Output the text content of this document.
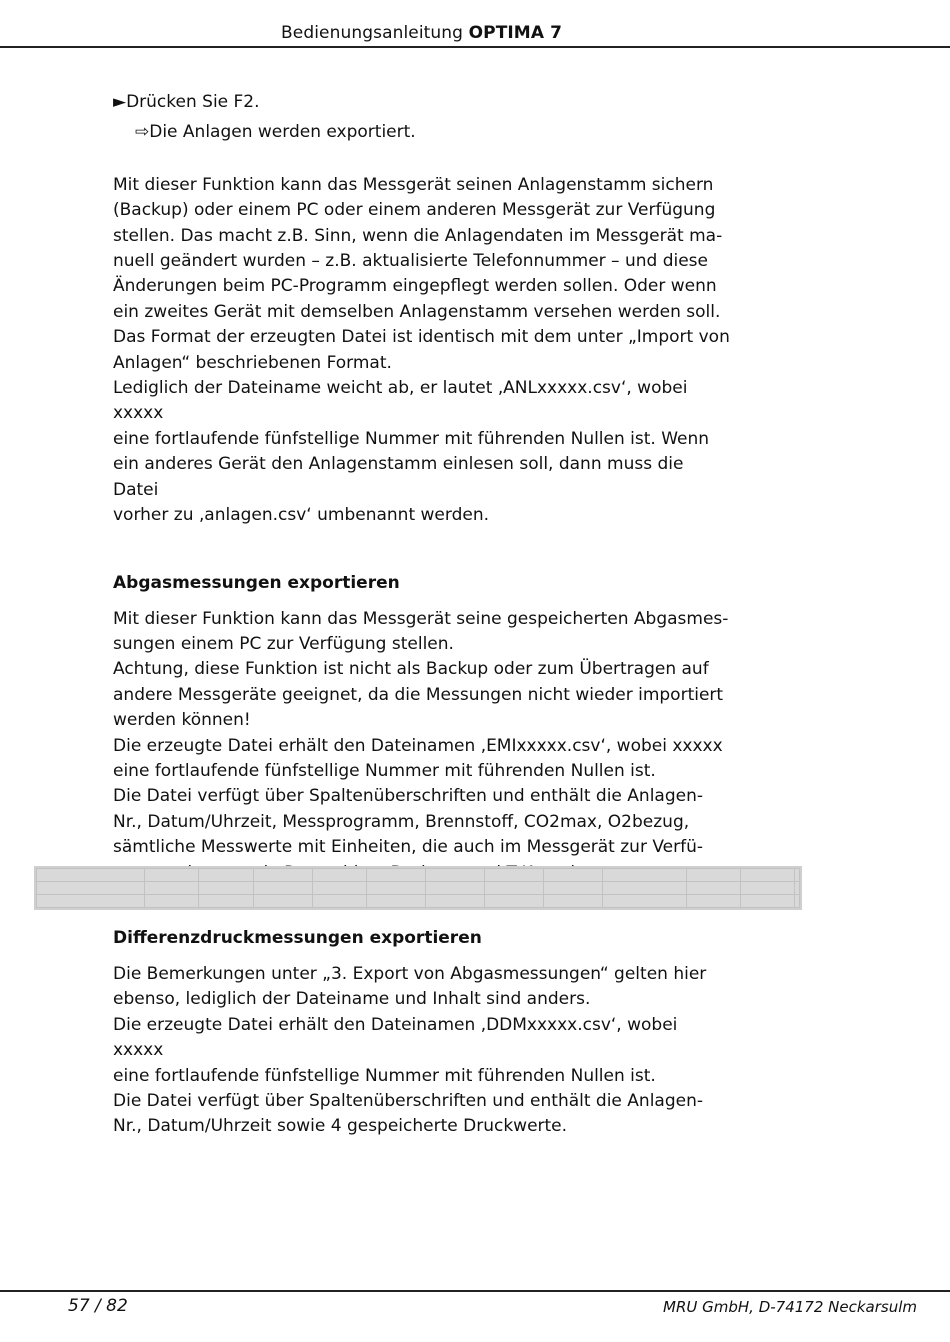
Bedienungsanleitung OPTIMA 7

►Drücken Sie F2.

⇨Die Anlagen werden exportiert.

Mit dieser Funktion kann das Messgerät seinen Anlagenstamm sichern
(Backup) oder einem PC oder einem anderen Messgerät zur Verfügung
stellen. Das macht z.B. Sinn, wenn die Anlagendaten im Messgerät ma-
nuell geändert wurden – z.B. aktualisierte Telefonnummer – und diese
Änderungen beim PC-Programm eingepflegt werden sollen. Oder wenn
ein zweites Gerät mit demselben Anlagenstamm versehen werden soll.
Das Format der erzeugten Datei ist identisch mit dem unter „Import von
Anlagen“ beschriebenen Format.
Lediglich der Dateiname weicht ab, er lautet ‚ANLxxxxx.csv‘, wobei xxxxx
eine fortlaufende fünfstellige Nummer mit führenden Nullen ist. Wenn
ein anderes Gerät den Anlagenstamm einlesen soll, dann muss die Datei
vorher zu ‚anlagen.csv‘ umbenannt werden.
Abgasmessungen exportieren
Mit dieser Funktion kann das Messgerät seine gespeicherten Abgasmes-
sungen einem PC zur Verfügung stellen.
Achtung, diese Funktion ist nicht als Backup oder zum Übertragen auf
andere Messgeräte geeignet, da die Messungen nicht wieder importiert
werden können!
Die erzeugte Datei erhält den Dateinamen ‚EMIxxxxx.csv‘, wobei xxxxx
eine fortlaufende fünfstellige Nummer mit führenden Nullen ist.
Die Datei verfügt über Spaltenüberschriften und enthält die Anlagen-
Nr., Datum/Uhrzeit, Messprogramm, Brennstoff, CO2max, O2bezug,
sämtliche Messwerte mit Einheiten, die auch im Messgerät zur Verfü-

Differenzdruckmessungen exportieren
Die Bemerkungen unter „3. Export von Abgasmessungen“ gelten hier
ebenso, lediglich der Dateiname und Inhalt sind anders.
Die erzeugte Datei erhält den Dateinamen ‚DDMxxxxx.csv‘, wobei xxxxx
eine fortlaufende fünfstellige Nummer mit führenden Nullen ist.
Die Datei verfügt über Spaltenüberschriften und enthält die Anlagen-
Nr., Datum/Uhrzeit sowie 4 gespeicherte Druckwerte.
57 / 82	MRU GmbH, D-74172 Neckarsulm
